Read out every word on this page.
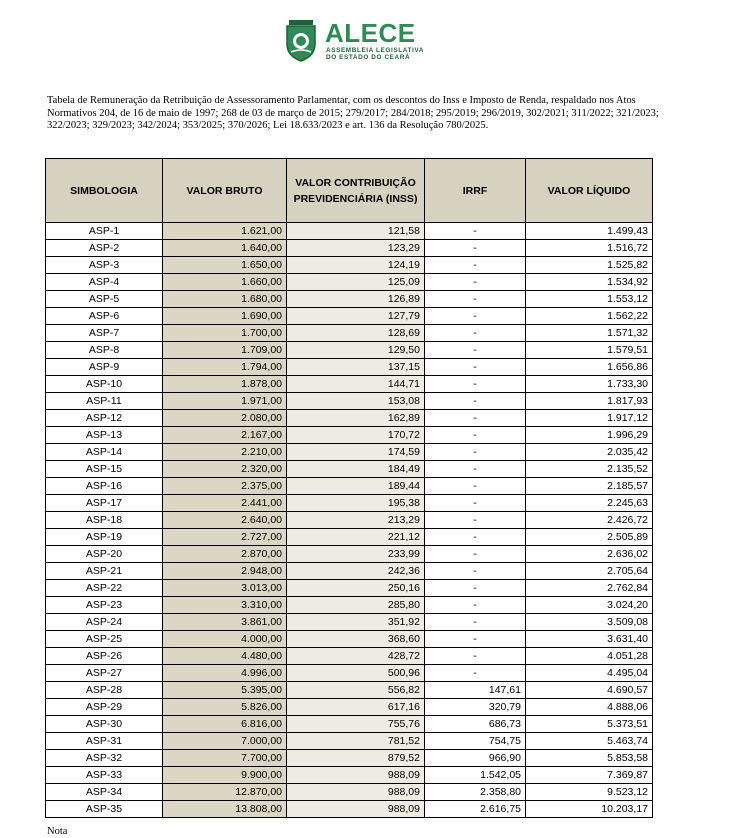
ALECE
ASSEMBLEIA LEGISLATIVA
DO ESTADO DO CEARÁ
Tabela de Remuneração da Retribuição de Assessoramento Parlamentar, com os descontos do Inss e Imposto de Renda, respaldado nos Atos Normativos 204, de 16 de maio de 1997; 268 de 03 de março de 2015; 279/2017; 284/2018; 295/2019; 296/2019, 302/2021; 311/2022; 321/2023; 322/2023; 329/2023; 342/2024; 353/2025; 370/2026; Lei 18.633/2023 e art. 136 da Resolução 780/2025.
SIMBOLOGIA	VALOR BRUTO	VALOR CONTRIBUIÇÃO
PREVIDENCIÁRIA (INSS)	IRRF	VALOR LÍQUIDO
ASP-1	1.621,00	121,58	-	1.499,43
ASP-2	1.640,00	123,29	-	1.516,72
ASP-3	1.650,00	124,19	-	1.525,82
ASP-4	1.660,00	125,09	-	1.534,92
ASP-5	1.680,00	126,89	-	1.553,12
ASP-6	1.690,00	127,79	-	1.562,22
ASP-7	1.700,00	128,69	-	1.571,32
ASP-8	1.709,00	129,50	-	1.579,51
ASP-9	1.794,00	137,15	-	1.656,86
ASP-10	1.878,00	144,71	-	1.733,30
ASP-11	1.971,00	153,08	-	1.817,93
ASP-12	2.080,00	162,89	-	1.917,12
ASP-13	2.167,00	170,72	-	1.996,29
ASP-14	2.210,00	174,59	-	2.035,42
ASP-15	2.320,00	184,49	-	2.135,52
ASP-16	2.375,00	189,44	-	2.185,57
ASP-17	2.441,00	195,38	-	2.245,63
ASP-18	2.640,00	213,29	-	2.426,72
ASP-19	2.727,00	221,12	-	2.505,89
ASP-20	2.870,00	233,99	-	2.636,02
ASP-21	2.948,00	242,36	-	2.705,64
ASP-22	3.013,00	250,16	-	2.762,84
ASP-23	3.310,00	285,80	-	3.024,20
ASP-24	3.861,00	351,92	-	3.509,08
ASP-25	4.000,00	368,60	-	3.631,40
ASP-26	4.480,00	428,72	-	4.051,28
ASP-27	4.996,00	500,96	-	4.495,04
ASP-28	5.395,00	556,82	147,61	4.690,57
ASP-29	5.826,00	617,16	320,79	4.888,06
ASP-30	6.816,00	755,76	686,73	5.373,51
ASP-31	7.000,00	781,52	754,75	5.463,74
ASP-32	7.700,00	879,52	966,90	5.853,58
ASP-33	9.900,00	988,09	1.542,05	7.369,87
ASP-34	12.870,00	988,09	2.358,80	9.523,12
ASP-35	13.808,00	988,09	2.616,75	10.203,17
Nota
